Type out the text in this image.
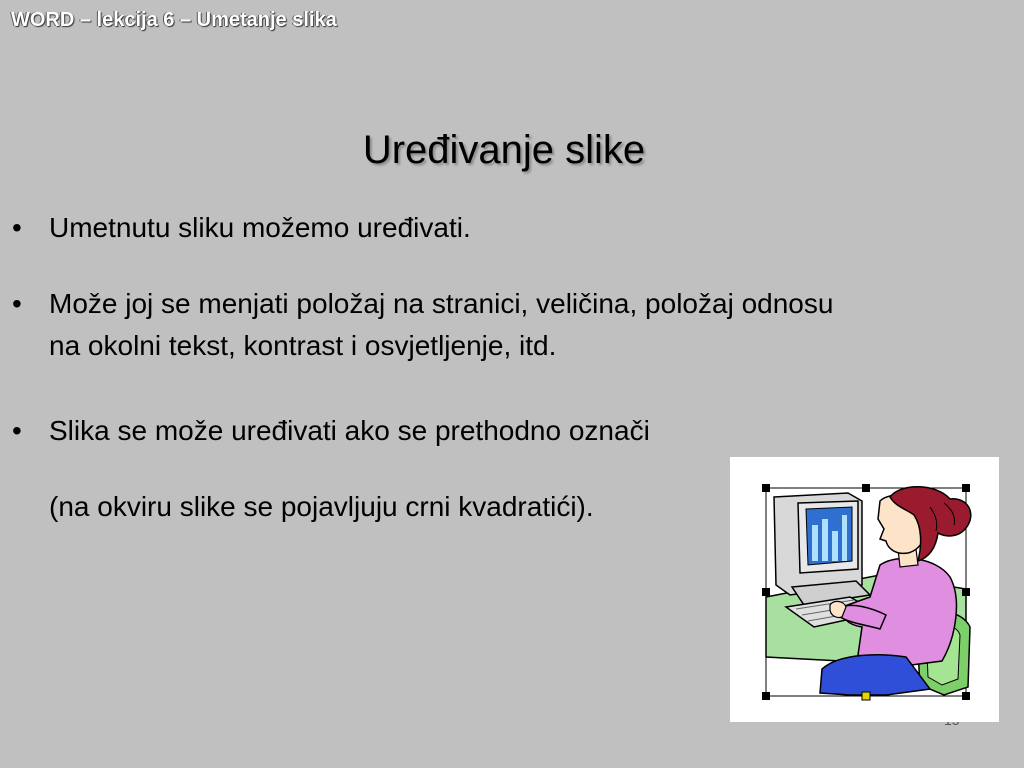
WORD – lekcija 6 – Umetanje slika
Uređivanje slike
• Umetnutu sliku možemo uređivati.
• Može joj se menjati položaj na stranici, veličina, položaj odnosu
na okolni tekst, kontrast i osvjetljenje, itd.
• Slika se može uređivati ako se prethodno označi
(na okviru slike se pojavljuju crni kvadratići).
